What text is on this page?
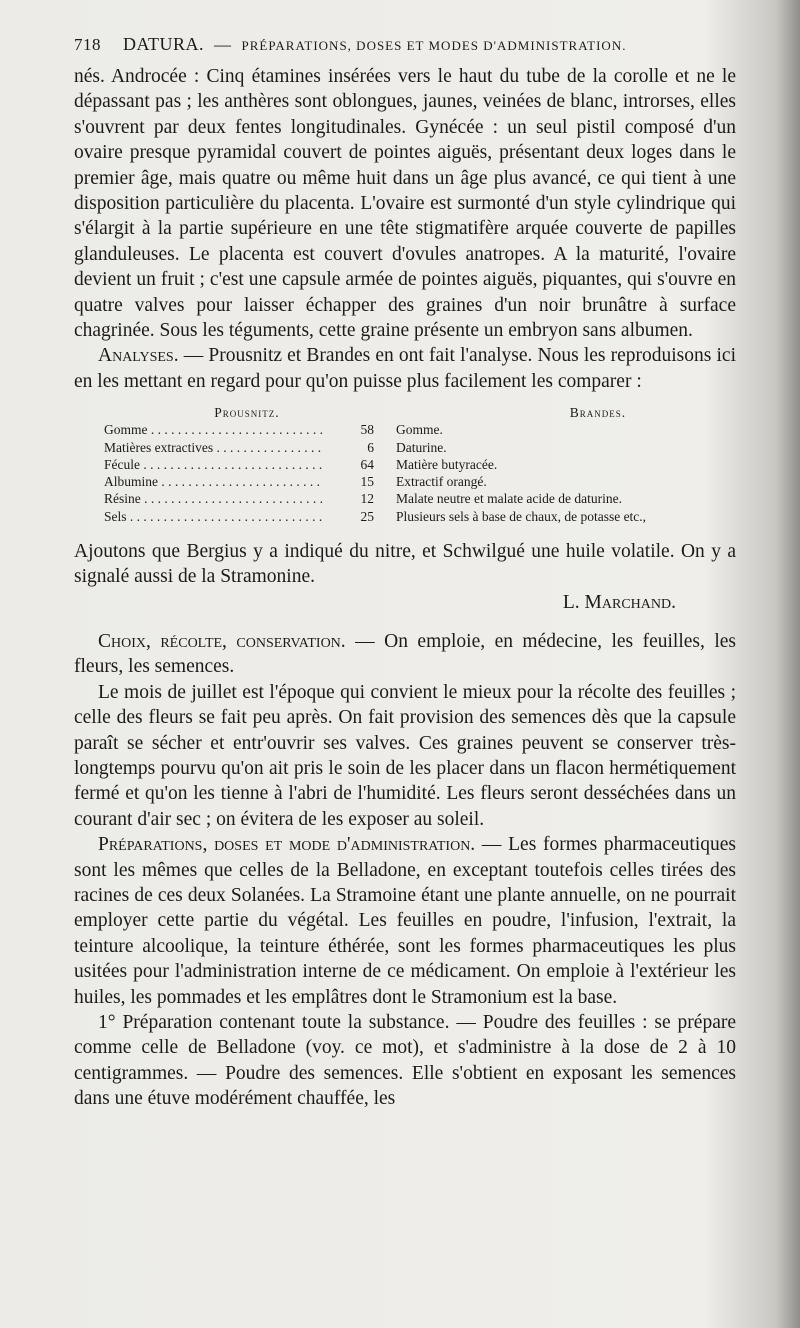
718 DATURA. — PRÉPARATIONS, DOSES ET MODES D'ADMINISTRATION.

nés. Androcée : Cinq étamines insérées vers le haut du tube de la corolle et ne le dépassant pas ; les anthères sont oblongues, jaunes, veinées de blanc, introrses, elles s'ouvrent par deux fentes longitudinales. Gynécée : un seul pistil composé d'un ovaire presque pyramidal couvert de pointes aiguës, présentant deux loges dans le premier âge, mais quatre ou même huit dans un âge plus avancé, ce qui tient à une disposition particulière du placenta. L'ovaire est surmonté d'un style cylindrique qui s'élargit à la partie supérieure en une tête stigmatifère arquée couverte de papilles glanduleuses. Le placenta est couvert d'ovules anatropes. A la maturité, l'ovaire devient un fruit ; c'est une capsule armée de pointes aiguës, piquantes, qui s'ouvre en quatre valves pour laisser échapper des graines d'un noir brunâtre à surface chagrinée. Sous les téguments, cette graine présente un embryon sans albumen.

Analyses. — Prousnitz et Brandes en ont fait l'analyse. Nous les reproduisons ici en les mettant en regard pour qu'on puisse plus facilement les comparer :

Prousnitz.	Brandes.
Gomme . . .	58	Gomme.
Matières extractives . . .	6	Daturine.
Fécule . . .	64	Matière butyracée.
Albumine . . .	15	Extractif orangé.
Résine . . .	12	Malate neutre et malate acide de daturine.
Sels . . .	25	Plusieurs sels à base de chaux, de potasse etc.,

Ajoutons que Bergius y a indiqué du nitre, et Schwilgué une huile volatile. On y a signalé aussi de la Stramonine.

L. Marchand.

Choix, récolte, conservation. — On emploie, en médecine, les feuilles, les fleurs, les semences.

Le mois de juillet est l'époque qui convient le mieux pour la récolte des feuilles ; celle des fleurs se fait peu après. On fait provision des semences dès que la capsule paraît se sécher et entr'ouvrir ses valves. Ces graines peuvent se conserver très-longtemps pourvu qu'on ait pris le soin de les placer dans un flacon hermétiquement fermé et qu'on les tienne à l'abri de l'humidité. Les fleurs seront desséchées dans un courant d'air sec ; on évitera de les exposer au soleil.

Préparations, doses et mode d'administration. — Les formes pharmaceutiques sont les mêmes que celles de la Belladone, en exceptant toutefois celles tirées des racines de ces deux Solanées. La Stramoine étant une plante annuelle, on ne pourrait employer cette partie du végétal. Les feuilles en poudre, l'infusion, l'extrait, la teinture alcoolique, la teinture éthérée, sont les formes pharmaceutiques les plus usitées pour l'administration interne de ce médicament. On emploie à l'extérieur les huiles, les pommades et les emplâtres dont le Stramonium est la base.

1° Préparation contenant toute la substance. — Poudre des feuilles : se prépare comme celle de Belladone (voy. ce mot), et s'administre à la dose de 2 à 10 centigrammes. — Poudre des semences. Elle s'obtient en exposant les semences dans une étuve modérément chauffée, les
